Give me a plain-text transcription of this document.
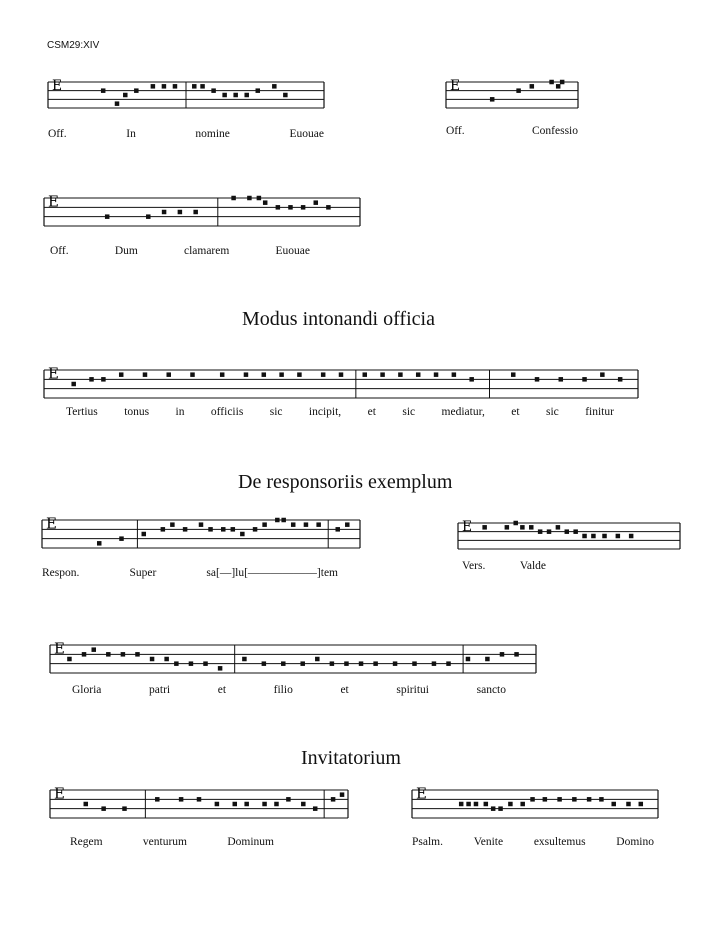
CSM29:XIV
E
Off.	In	nomine	Euouae
E
Off.	Confessio
E
Off.	Dum	clamarem	Euouae
Modus intonandi officia
E
Tertius tonus in officiis sic incipit, et sic mediatur, et sic finitur
De responsoriis exemplum
E
Respon.	Super	sa[—]lu[——————]tem
E
Vers.	Valde
E
Gloria	patri	et	filio	et	spiritui	sancto
Invitatorium
E
Regem	venturum	Dominum
E
Psalm.	Venite	exsultemus	Domino
